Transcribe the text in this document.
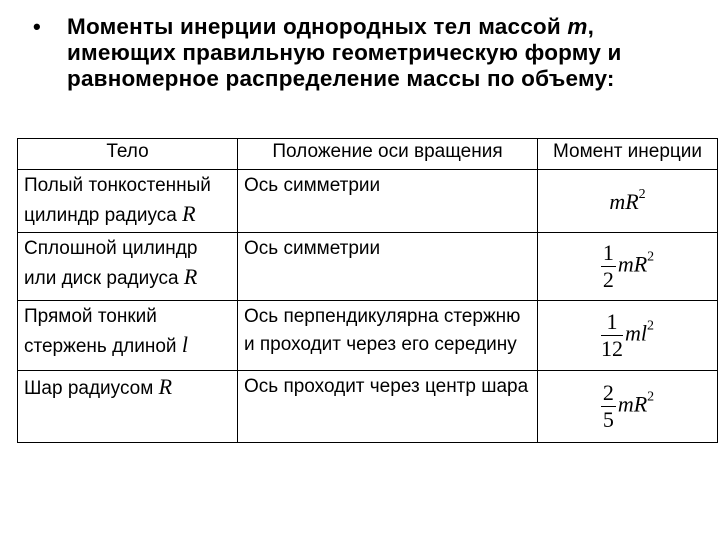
• Моменты инерции однородных тел массой m, имеющих правильную геометрическую форму и равномерное распределение массы по объему:
Тело	Положение оси вращения	Момент инерции
Полый тонкостенный цилиндр радиуса R	Ось симметрии	$mR^2$
Сплошной цилиндр или диск радиуса R	Ось симметрии	$\frac{1}{2} mR^2$
Прямой тонкий стержень длиной l	Ось перпендикулярна стержню и проходит через его середину	$\frac{1}{12} ml^2$
Шар радиусом R	Ось проходит через центр шара	$\frac{2}{5} mR^2$
